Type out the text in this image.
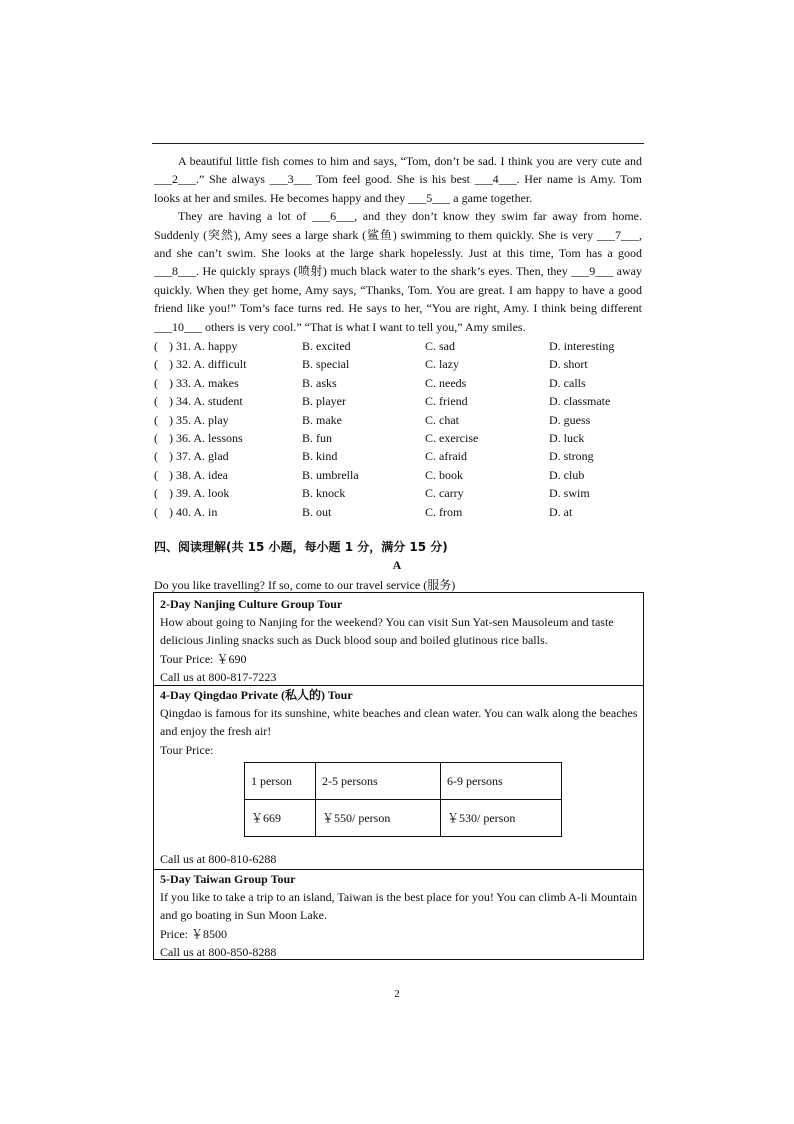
A beautiful little fish comes to him and says, “Tom, don’t be sad. I think you are very cute and ___2___.” She always ___3___ Tom feel good. She is his best ___4___. Her name is Amy. Tom looks at her and smiles. He becomes happy and they ___5___ a game together.

They are having a lot of ___6___, and they don’t know they swim far away from home. Suddenly (突然), Amy sees a large shark (鲨鱼) swimming to them quickly. She is very ___7___, and she can’t swim. She looks at the large shark hopelessly. Just at this time, Tom has a good ___8___. He quickly sprays (喷射) much black water to the shark’s eyes. Then, they ___9___ away quickly. When they get home, Amy says, “Thanks, Tom. You are great. I am happy to have a good friend like you!” Tom’s face turns red. He says to her, “You are right, Amy. I think being different ___10___ others is very cool.” “That is what I want to tell you,” Amy smiles.

( ) 31. A. happy	B. excited	C. sad	D. interesting
( ) 32. A. difficult	B. special	C. lazy	D. short
( ) 33. A. makes	B. asks	C. needs	D. calls
( ) 34. A. student	B. player	C. friend	D. classmate
( ) 35. A. play	B. make	C. chat	D. guess
( ) 36. A. lessons	B. fun	C. exercise	D. luck
( ) 37. A. glad	B. kind	C. afraid	D. strong
( ) 38. A. idea	B. umbrella	C. book	D. club
( ) 39. A. look	B. knock	C. carry	D. swim
( ) 40. A. in	B. out	C. from	D. at
四、阅读理解(共 15 小题，每小题 1 分，满分 15 分)
A
Do you like travelling? If so, come to our travel service (服务)
2-Day Nanjing Culture Group Tour
How about going to Nanjing for the weekend? You can visit Sun Yat-sen Mausoleum and taste delicious Jinling snacks such as Duck blood soup and boiled glutinous rice balls.
Tour Price: ￥690
Call us at 800-817-7223
4-Day Qingdao Private (私人的) Tour
Qingdao is famous for its sunshine, white beaches and clean water. You can walk along the beaches and enjoy the fresh air!
Tour Price:
1 person	2-5 persons	6-9 persons
￥669	￥550/ person	￥530/ person
Call us at 800-810-6288
5-Day Taiwan Group Tour
If you like to take a trip to an island, Taiwan is the best place for you! You can climb A-li Mountain and go boating in Sun Moon Lake.
Price: ￥8500
Call us at 800-850-8288
2
